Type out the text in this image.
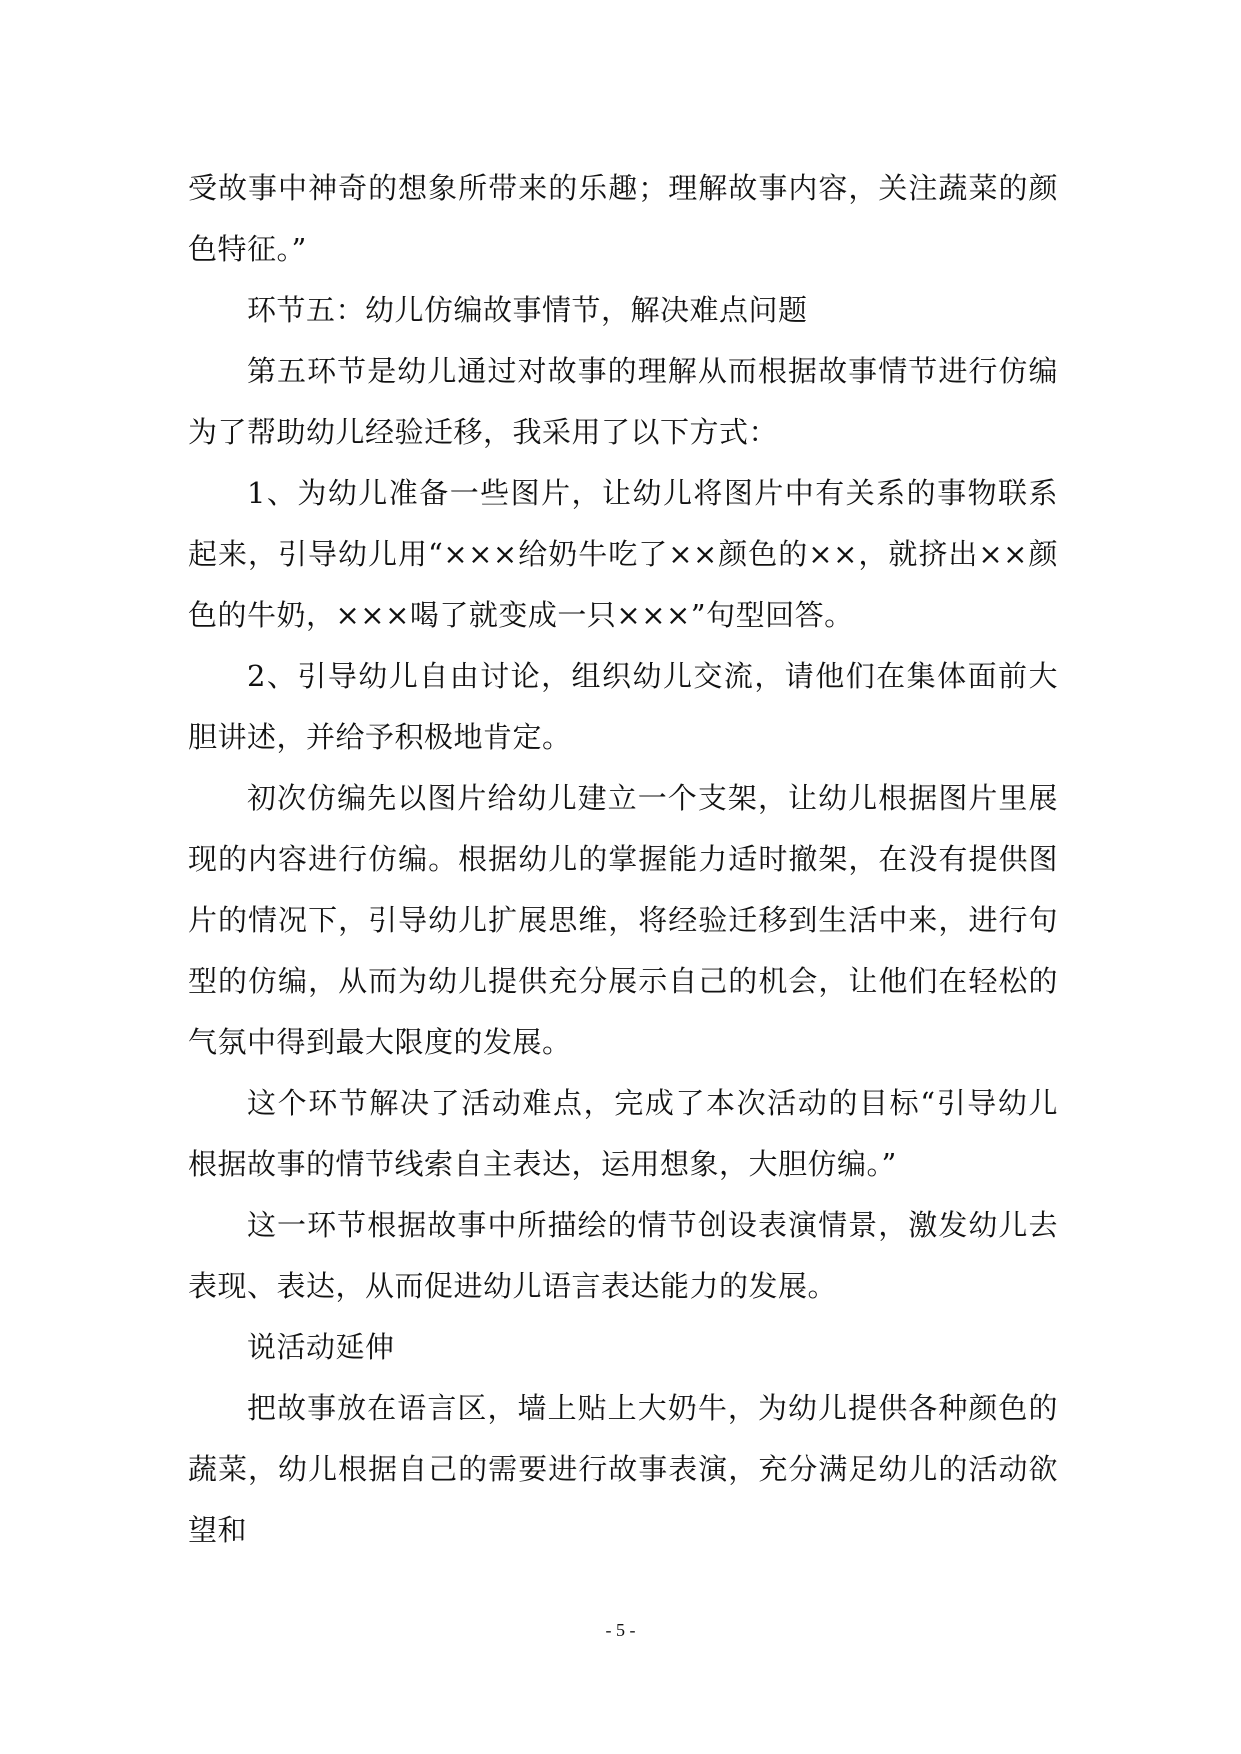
受故事中神奇的想象所带来的乐趣；理解故事内容，关注蔬菜的颜色特征。”

环节五：幼儿仿编故事情节，解决难点问题

第五环节是幼儿通过对故事的理解从而根据故事情节进行仿编为了帮助幼儿经验迁移，我采用了以下方式：

1、为幼儿准备一些图片，让幼儿将图片中有关系的事物联系起来，引导幼儿用“×××给奶牛吃了××颜色的××，就挤出××颜色的牛奶，×××喝了就变成一只×××”句型回答。

2、引导幼儿自由讨论，组织幼儿交流，请他们在集体面前大胆讲述，并给予积极地肯定。

初次仿编先以图片给幼儿建立一个支架，让幼儿根据图片里展现的内容进行仿编。根据幼儿的掌握能力适时撤架，在没有提供图片的情况下，引导幼儿扩展思维，将经验迁移到生活中来，进行句型的仿编，从而为幼儿提供充分展示自己的机会，让他们在轻松的气氛中得到最大限度的发展。

这个环节解决了活动难点，完成了本次活动的目标“引导幼儿根据故事的情节线索自主表达，运用想象，大胆仿编。”

这一环节根据故事中所描绘的情节创设表演情景，激发幼儿去表现、表达，从而促进幼儿语言表达能力的发展。

说活动延伸

把故事放在语言区，墙上贴上大奶牛，为幼儿提供各种颜色的蔬菜，幼儿根据自己的需要进行故事表演，充分满足幼儿的活动欲望和

- 5 -
